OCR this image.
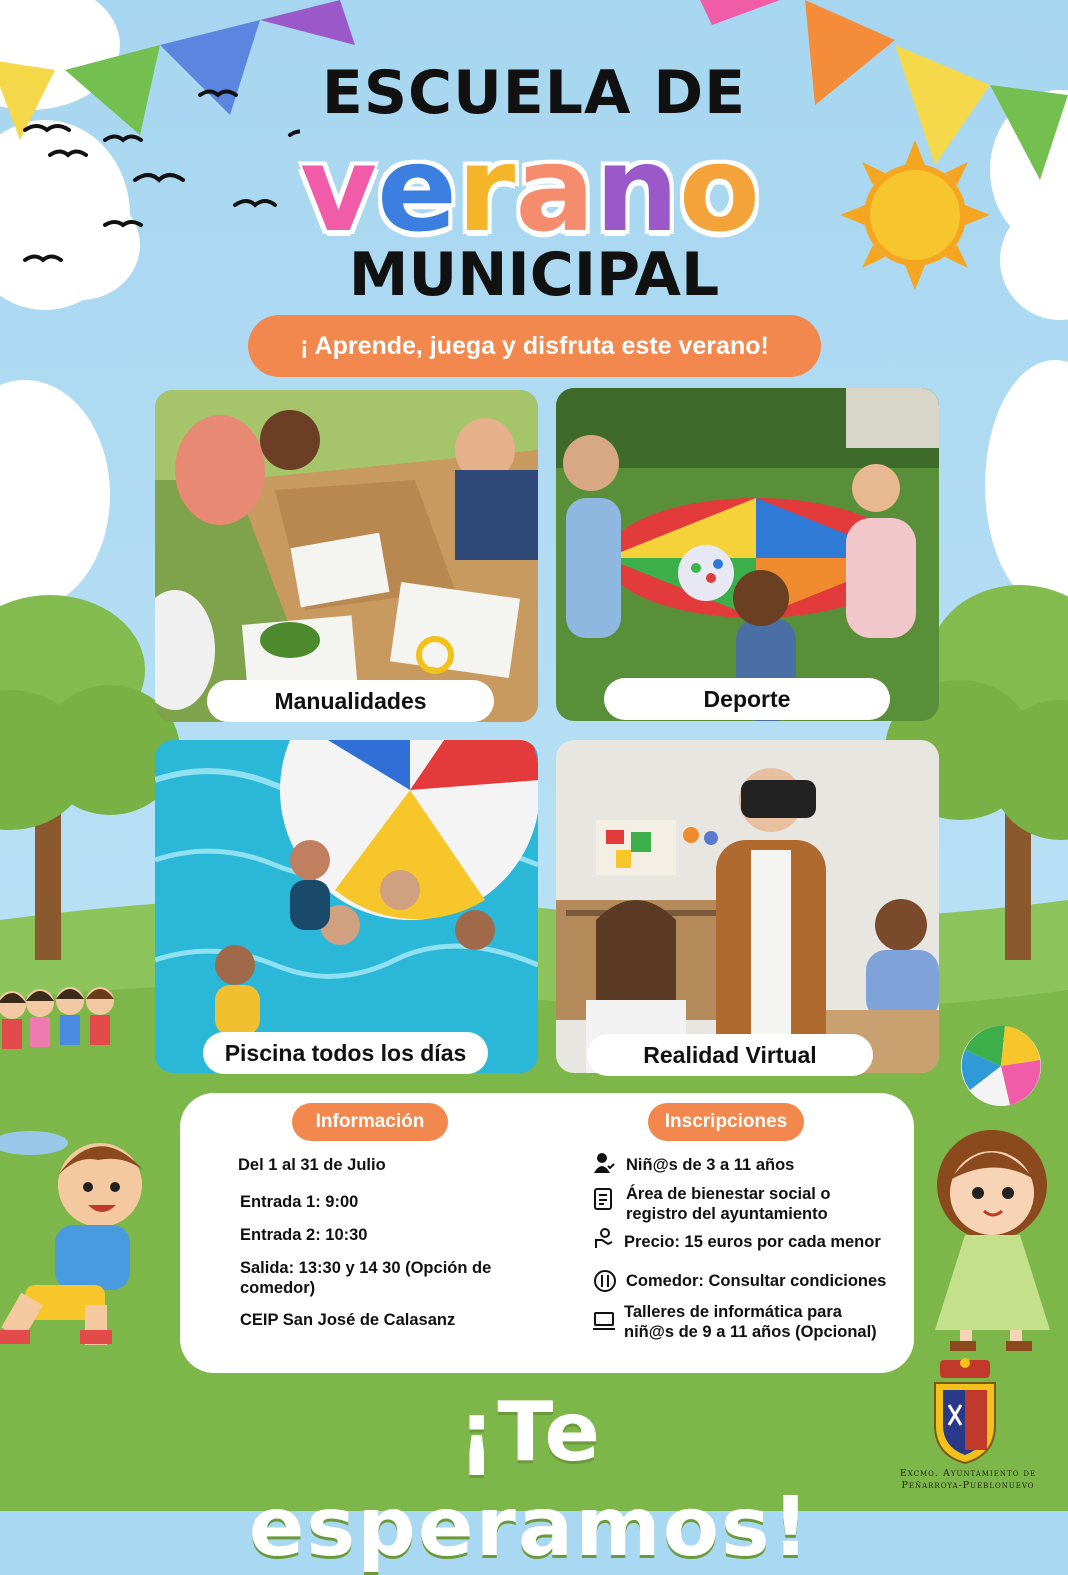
ESCUELA DE
verano
MUNICIPAL
¡ Aprende, juega y disfruta este verano!
Manualidades	Deporte
Piscina todos los días	Realidad Virtual
Información
Del 1 al 31 de Julio
Entrada 1: 9:00
Entrada 2: 10:30
Salida: 13:30 y 14 30 (Opción de comedor)
CEIP San José de Calasanz
Inscripciones
Niñ@s de 3 a 11 años
Área de bienestar social o registro del ayuntamiento
Precio: 15 euros por cada menor
Comedor: Consultar condiciones
Talleres de informática para niñ@s de 9 a 11 años (Opcional)
¡Te esperamos!
Excmo. Ayuntamiento de
Peñarroya-Pueblonuevo
